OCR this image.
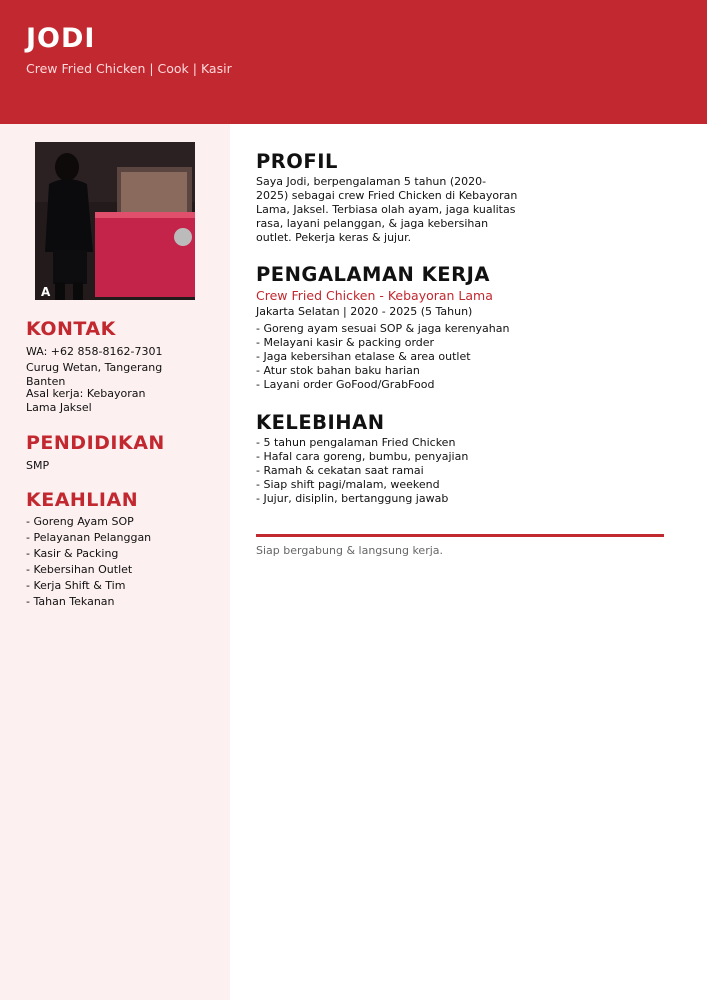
JODI
Crew Fried Chicken | Cook | Kasir
A
KONTAK
WA: +62 858-8162-7301
Curug Wetan, Tangerang Banten
Asal kerja: Kebayoran Lama Jaksel
PENDIDIKAN
SMP
KEAHLIAN
- Goreng Ayam SOP
- Pelayanan Pelanggan
- Kasir & Packing
- Kebersihan Outlet
- Kerja Shift & Tim
- Tahan Tekanan
PROFIL
Saya Jodi, berpengalaman 5 tahun (2020-2025) sebagai crew Fried Chicken di Kebayoran Lama, Jaksel. Terbiasa olah ayam, jaga kualitas rasa, layani pelanggan, & jaga kebersihan outlet. Pekerja keras & jujur.
PENGALAMAN KERJA
Crew Fried Chicken - Kebayoran Lama
Jakarta Selatan | 2020 - 2025 (5 Tahun)
- Goreng ayam sesuai SOP & jaga kerenyahan
- Melayani kasir & packing order
- Jaga kebersihan etalase & area outlet
- Atur stok bahan baku harian
- Layani order GoFood/GrabFood
KELEBIHAN
- 5 tahun pengalaman Fried Chicken
- Hafal cara goreng, bumbu, penyajian
- Ramah & cekatan saat ramai
- Siap shift pagi/malam, weekend
- Jujur, disiplin, bertanggung jawab
Siap bergabung & langsung kerja.
